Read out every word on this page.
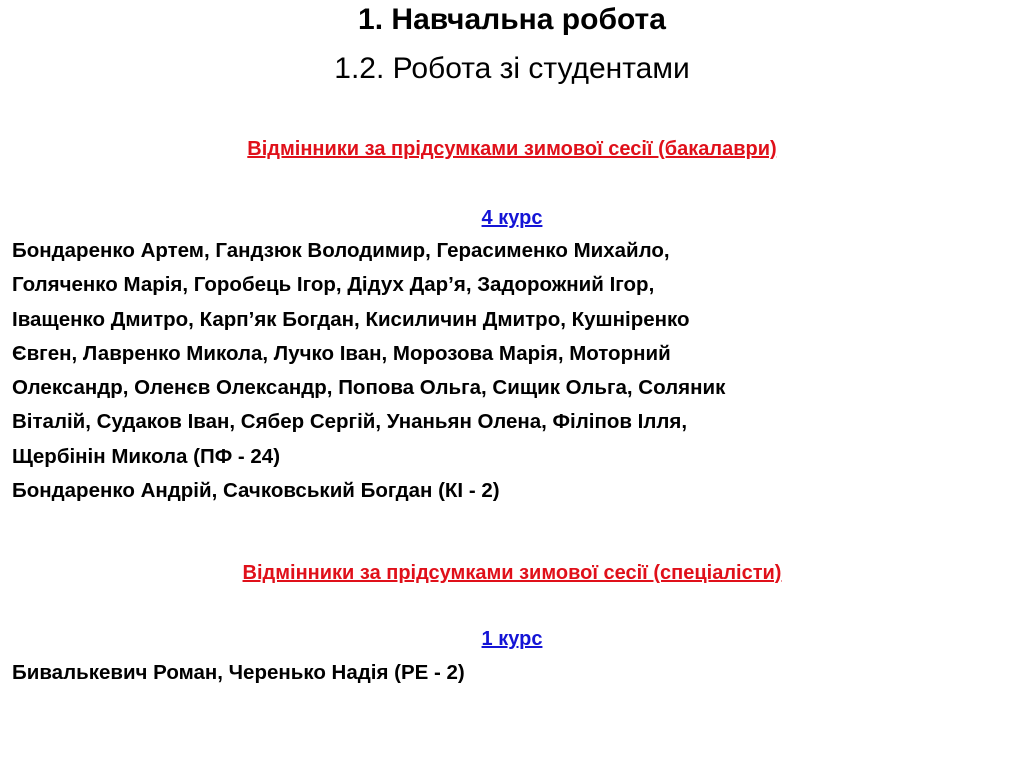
1. Навчальна робота
1.2. Робота зі студентами
Відмінники за прідсумками зимової сесії (бакалаври)
4 курс
Бондаренко Артем, Гандзюк Володимир, Герасименко Михайло,
Голяченко Марія, Горобець Ігор, Дідух Дар’я, Задорожний Ігор,
Іващенко Дмитро, Карп’як Богдан, Кисиличин Дмитро, Кушніренко
Євген, Лавренко Микола, Лучко Іван, Морозова Марія, Моторний
Олександр, Оленєв Олександр, Попова Ольга, Сищик Ольга, Соляник
Віталій, Судаков Іван, Сябер Сергій, Унаньян Олена, Філіпов Ілля,
Щербінін Микола (ПФ - 24)
Бондаренко Андрій, Сачковський Богдан (КІ - 2)
Відмінники за прідсумками зимової сесії (спеціалісти)
1 курс
Бивалькевич Роман, Черенько Надія (РЕ - 2)
